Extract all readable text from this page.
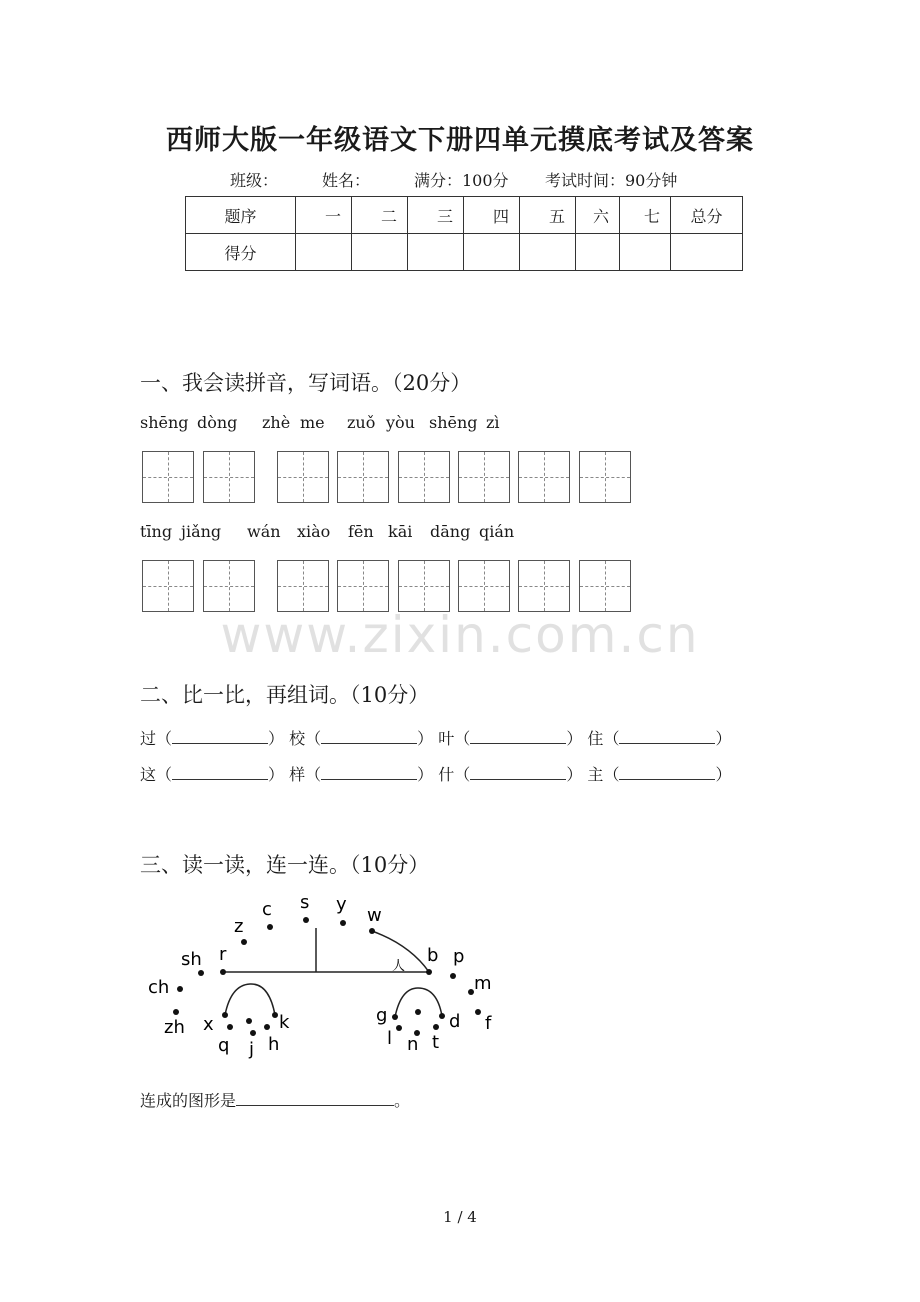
西师大版一年级语文下册四单元摸底考试及答案
班级：	姓名：	满分：100分 考试时间：90分钟
题序	一	二	三	四	五	六	七	总分
得分								
一、我会读拼音，写词语。（20分）
shēng dòng zhè me zuǒ yòu shēng zì
tīng jiǎng wán xiào fēn kāi dāng qián
www.zixin.com.cn
二、比一比，再组词。（10分）
过（	） 校（	） 叶（	） 住（	）
这（	） 样（	） 什（	） 主（	）
三、读一读，连一连。（10分）
人
s y
c	w
z
r
sh	b p
ch	m
x	k
zh
q j h
g	d f
l n t
连成的图形是	。
1 / 4
